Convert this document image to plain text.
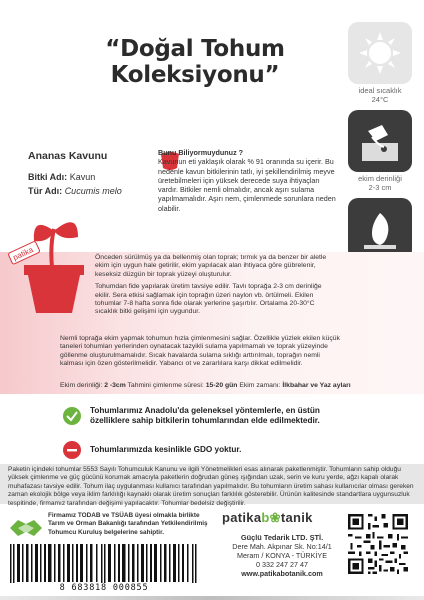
“Doğal Tohum
Koleksiyonu”
ideal sıcaklık
24°C
ekim derinliği
2-3 cm
Ananas Kavunu
Bitki Adı: Kavun
Tür Adı: Cucumis melo
Bunu Biliyormuydunuz ?
Kavunun eti yaklaşık olarak % 91 oranında su içerir. Bu nedenle kavun bitkilerinin tatlı, iyi şekillendirilmiş meyve üretebilmeleri için yüksek derecede suya ihtiyaçları vardır. Bitkiler nemli olmalıdır, ancak aşırı sulama yapılmamalıdır. Aşırı nem, çimlenmede sorunlara neden olabilir.
patika	Önceden sürülmüş ya da bellenmiş olan toprak; tırmık ya da benzer bir aletle ekim için uygun hale getirilir, ekim yapılacak alan ihtiyaca göre gübrelenir, keseksiz düzgün bir toprak yüzeyi oluşturulur.

Tohumdan fide yapılarak üretim tavsiye edilir. Tavlı toprağa 2-3 cm derinliğe ekilir. Sera etkisi sağlamak için toprağın üzeri naylon vb. örtülmeli. Ekilen tohumlar 7-8 hafta sonra fide olarak yerlerine şaşırtılır. Ortalama 20-30°C sıcaklık bitki gelişimi için uygundur.

Nemli toprağa ekim yapmak tohumun hızla çimlenmesini sağlar. Özellikle yüzlek ekilen küçük taneleri tohumları yerlerinden oynatacak tazyikli sulama yapılmamalı ve toprak yüzeyinde göllenme oluşturulmamalıdır. Sıcak havalarda sulama sıklığı arttırılmalı, toprağın nemli kalması için özen gösterilmelidir. Yabancı ot ve zararlılara karşı dikkat edilmelidir.

Ekim derinliği: 2 -3cm Tahmini çimlenme süresi: 15-20 gün Ekim zamanı: İlkbahar ve Yaz ayları
Tohumlarımız Anadolu'da geleneksel yöntemlerle, en üstün özelliklere sahip bitkilerin tohumlarından elde edilmektedir.
Tohumlarımızda kesinlikle GDO yoktur.
Paketin içindeki tohumlar 5553 Sayılı Tohumculuk Kanunu ve ilgili Yönetmelikleri esas alınarak paketlenmiştir. Tohumların sahip olduğu yüksek çimlenme ve güç gücünü korumak amacıyla paketlerin doğrudan güneş ışığından uzak, serin ve kuru yerde, ağzı kapalı olarak muhafazası tavsiye edilir. Tohum ilaç uygulanması kullanıcı tarafından yapılmalıdır. Bu tohumların üretim sahası kullanıcılar olması gereken zaman ekolojik bölge veya iklim farklılığı kaynaklı olarak üretim sonuçları farklılık gösterebilir. Ürünün kalitesinde standartlara uygunsuzluk tespitinde, firmamız tarafından değişimi yapılacaktır. Tohumlar bedelsiz değiştirilir.
Firmamız TODAB ve TSÜAB üyesi olmakla birlikte Tarım ve Orman Bakanlığı tarafından Yetkilendirilmiş Tohumcu Kuruluş belgelerine sahiptir.
8 683818 000855
patikab❀tanik
Güçlü Tedarik LTD. ŞTİ.
Dere Mah. Akpınar Sk. No:14/1
Meram / KONYA - TÜRKİYE
0 332 247 27 47
www.patikabotanik.com
